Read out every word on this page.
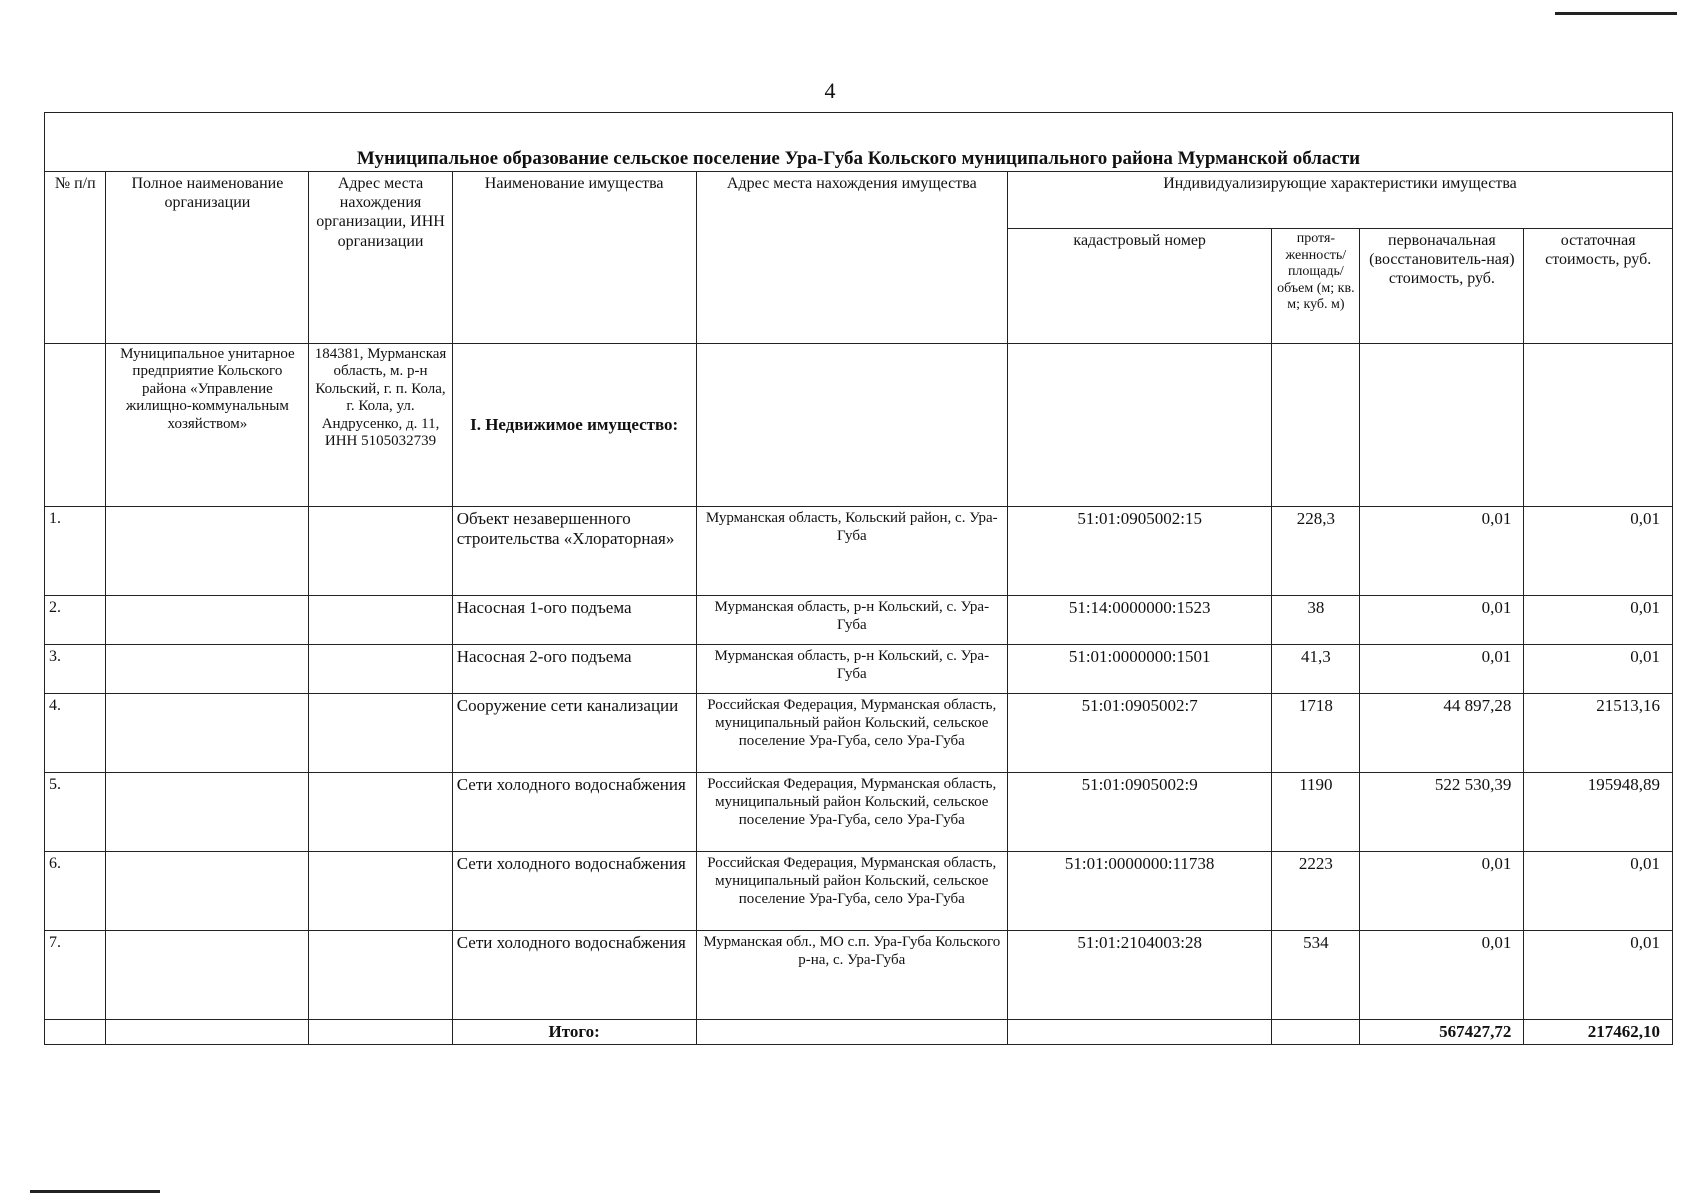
4
Муниципальное образование сельское поселение Ура-Губа Кольского муниципального района Мурманской области								
№ п/п	Полное наименование организации	Адрес места нахождения организации, ИНН организации	Наименование имущества	Адрес места нахождения имущества	Индивидуализирующие характеристики имущества			
					кадастровый номер	протя-женность/площадь/объем (м; кв. м; куб. м)	первоначальная (восстановитель-ная) стоимость, руб.	остаточная стоимость, руб.
	Муниципальное унитарное предприятие Кольского района «Управление жилищно-коммунальным хозяйством»	184381, Мурманская область, м. р-н Кольский, г. п. Кола, г. Кола, ул. Андрусенко, д. 11, ИНН 5105032739	I. Недвижимое имущество:					
1.			Объект незавершенного строительства «Хлораторная»	Мурманская область, Кольский район, с. Ура-Губа	51:01:0905002:15	228,3	0,01	0,01
2.			Насосная 1-ого подъема	Мурманская область, р-н Кольский, с. Ура-Губа	51:14:0000000:1523	38	0,01	0,01
3.			Насосная 2-ого подъема	Мурманская область, р-н Кольский, с. Ура-Губа	51:01:0000000:1501	41,3	0,01	0,01
4.			Сооружение сети канализации	Российская Федерация, Мурманская область, муниципальный район Кольский, сельское поселение Ура-Губа, село Ура-Губа	51:01:0905002:7	1718	44 897,28	21513,16
5.			Сети холодного водоснабжения	Российская Федерация, Мурманская область, муниципальный район Кольский, сельское поселение Ура-Губа, село Ура-Губа	51:01:0905002:9	1190	522 530,39	195948,89
6.			Сети холодного водоснабжения	Российская Федерация, Мурманская область, муниципальный район Кольский, сельское поселение Ура-Губа, село Ура-Губа	51:01:0000000:11738	2223	0,01	0,01
7.			Сети холодного водоснабжения	Мурманская обл., МО с.п. Ура-Губа Кольского р-на, с. Ура-Губа	51:01:2104003:28	534	0,01	0,01
			Итого:				567427,72	217462,10
